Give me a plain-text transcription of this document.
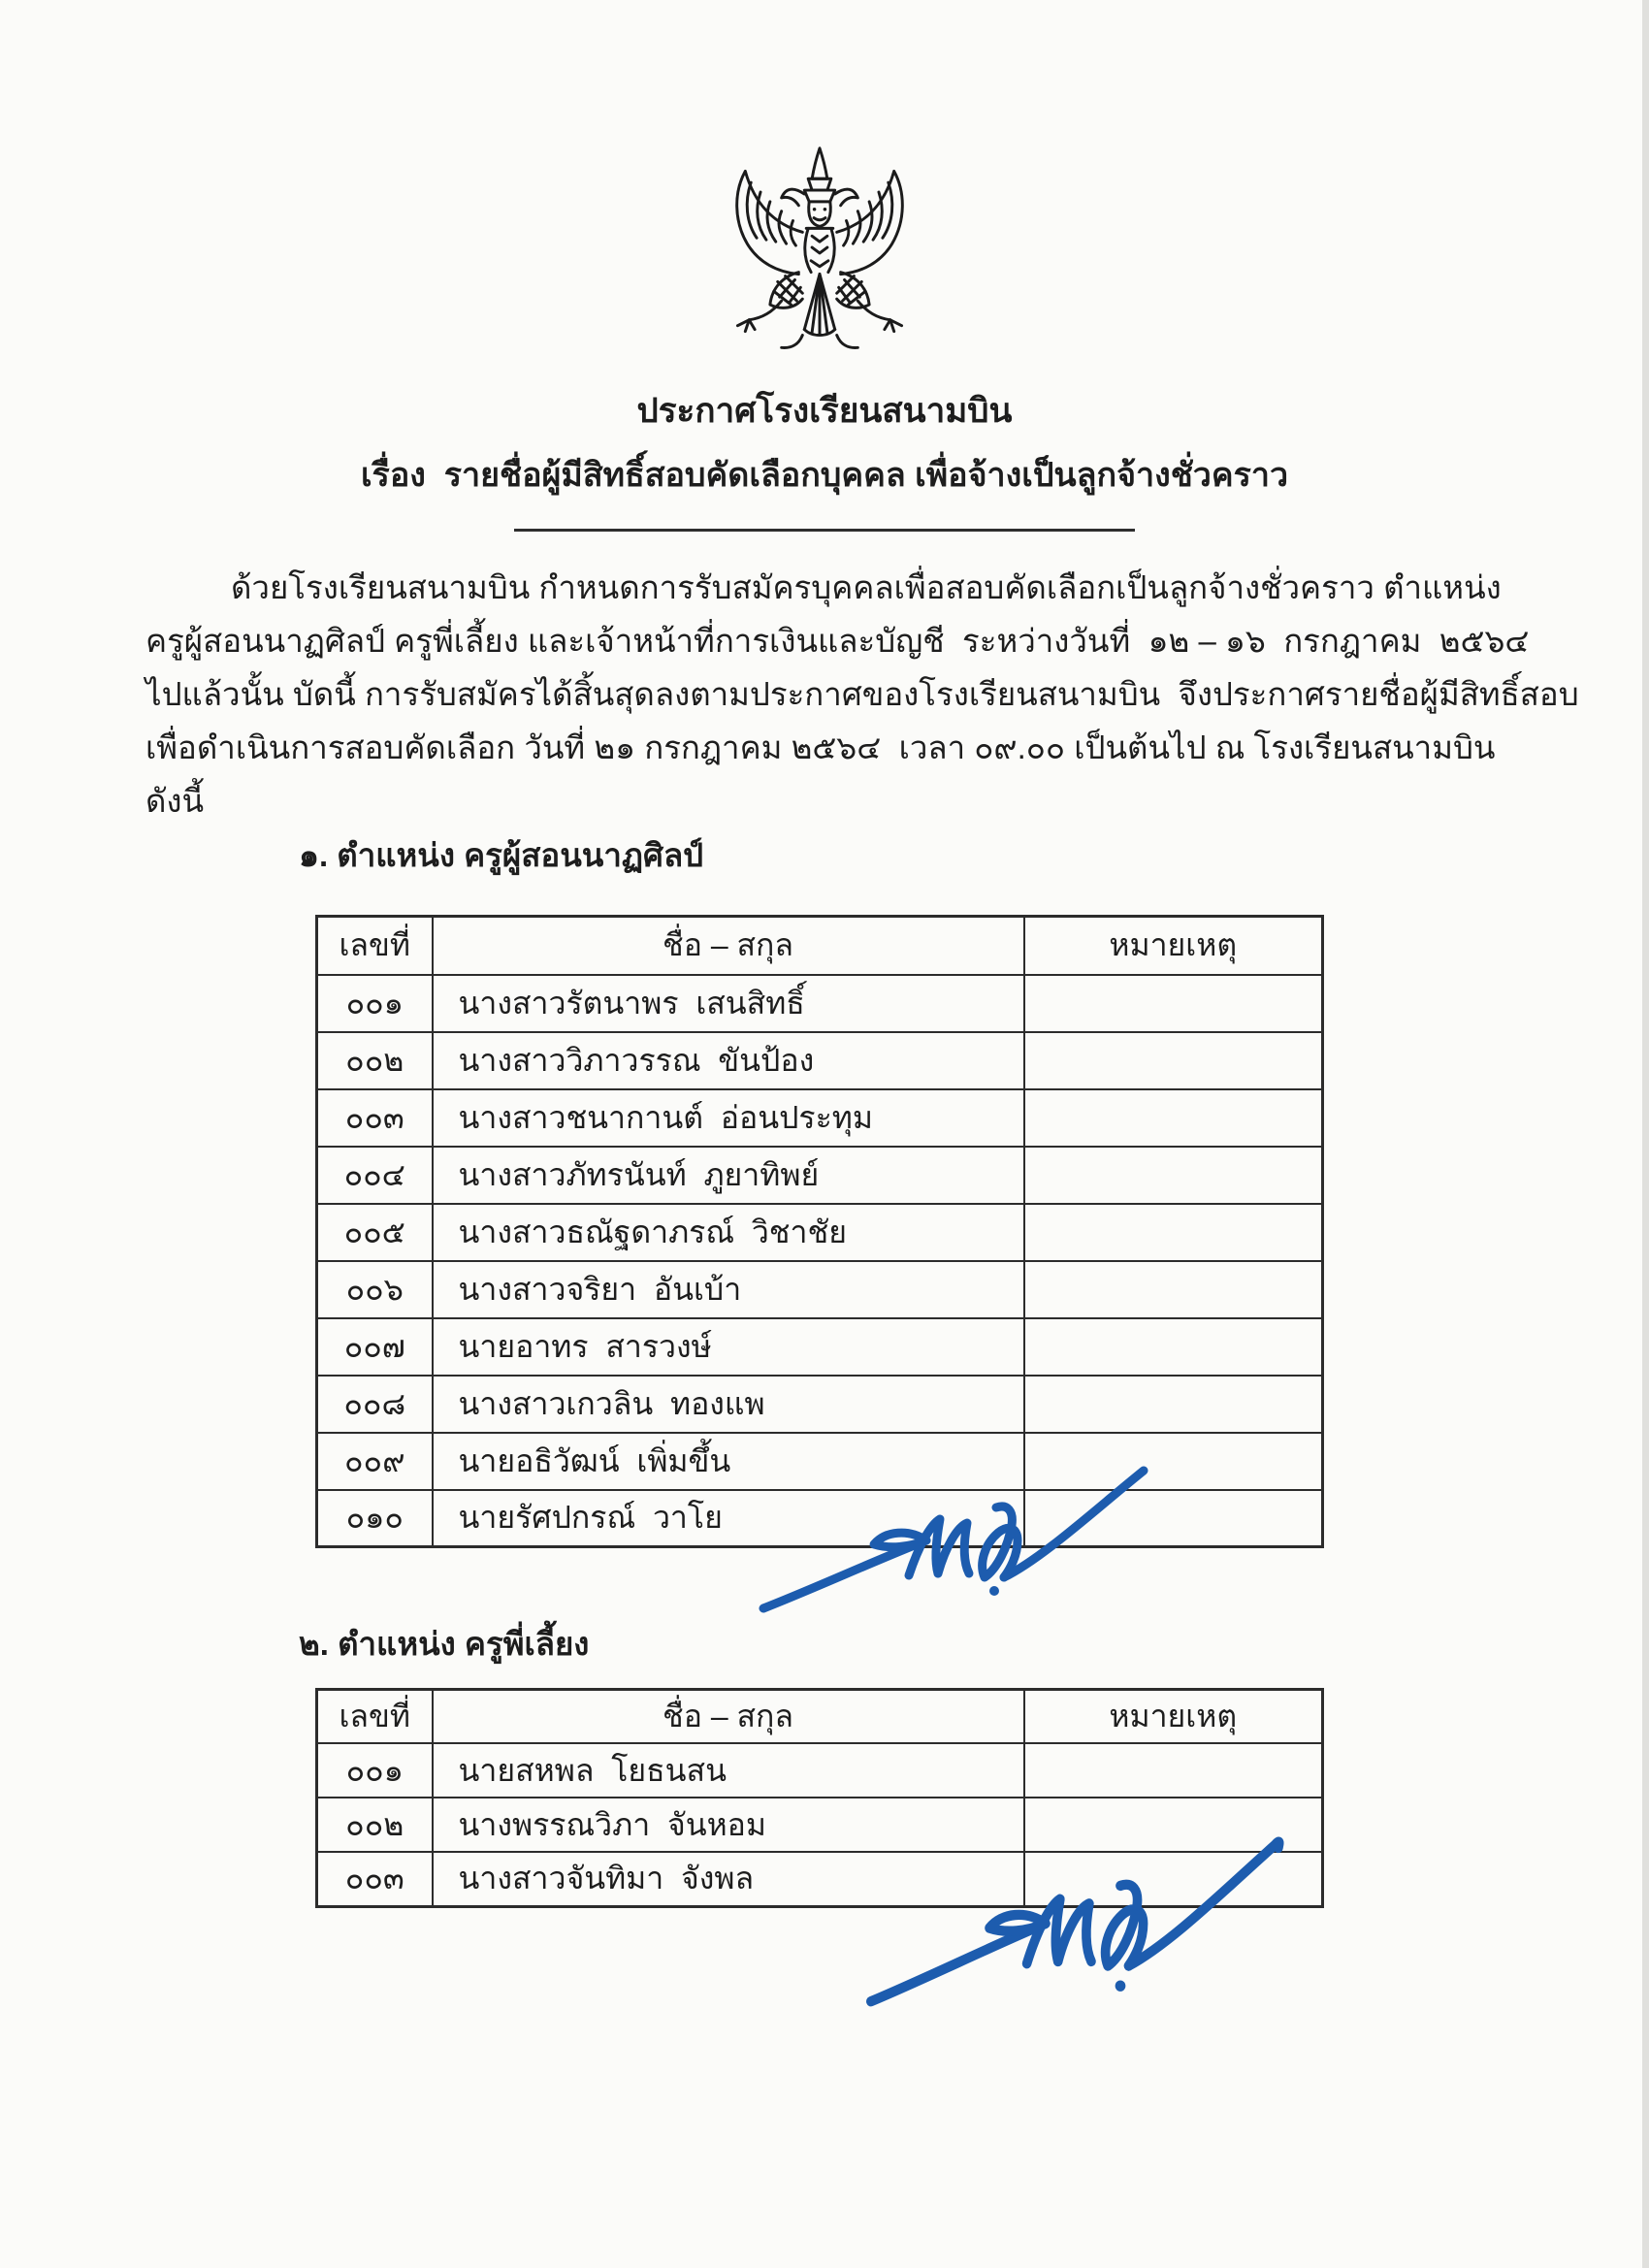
ประกาศโรงเรียนสนามบิน
เรื่อง  รายชื่อผู้มีสิทธิ์สอบคัดเลือกบุคคล เพื่อจ้างเป็นลูกจ้างชั่วคราว
ด้วยโรงเรียนสนามบิน กำหนดการรับสมัครบุคคลเพื่อสอบคัดเลือกเป็นลูกจ้างชั่วคราว ตำแหน่ง
ครูผู้สอนนาฏศิลป์ ครูพี่เลี้ยง และเจ้าหน้าที่การเงินและบัญชี  ระหว่างวันที่  ๑๒ – ๑๖  กรกฎาคม  ๒๕๖๔
ไปแล้วนั้น บัดนี้ การรับสมัครได้สิ้นสุดลงตามประกาศของโรงเรียนสนามบิน  จึงประกาศรายชื่อผู้มีสิทธิ์สอบ
เพื่อดำเนินการสอบคัดเลือก วันที่ ๒๑ กรกฎาคม ๒๕๖๔  เวลา ๐๙.๐๐ เป็นต้นไป ณ โรงเรียนสนามบิน
ดังนี้
๑. ตำแหน่ง ครูผู้สอนนาฏศิลป์
เลขที่	ชื่อ – สกุล	หมายเหตุ
๐๐๑	นางสาวรัตนาพร  เสนสิทธิ์	
๐๐๒	นางสาววิภาวรรณ  ขันป้อง	
๐๐๓	นางสาวชนากานต์  อ่อนประทุม	
๐๐๔	นางสาวภัทรนันท์  ภูยาทิพย์	
๐๐๕	นางสาวธณัฐดาภรณ์  วิชาชัย	
๐๐๖	นางสาวจริยา  อันเบ้า	
๐๐๗	นายอาทร  สารวงษ์	
๐๐๘	นางสาวเกวลิน  ทองแพ	
๐๐๙	นายอธิวัฒน์  เพิ่มขึ้น	
๐๑๐	นายรัศปกรณ์  วาโย	
๒. ตำแหน่ง ครูพี่เลี้ยง
เลขที่	ชื่อ – สกุล	หมายเหตุ
๐๐๑	นายสหพล  โยธนสน	
๐๐๒	นางพรรณวิภา  จันหอม	
๐๐๓	นางสาวจันทิมา  จังพล	
